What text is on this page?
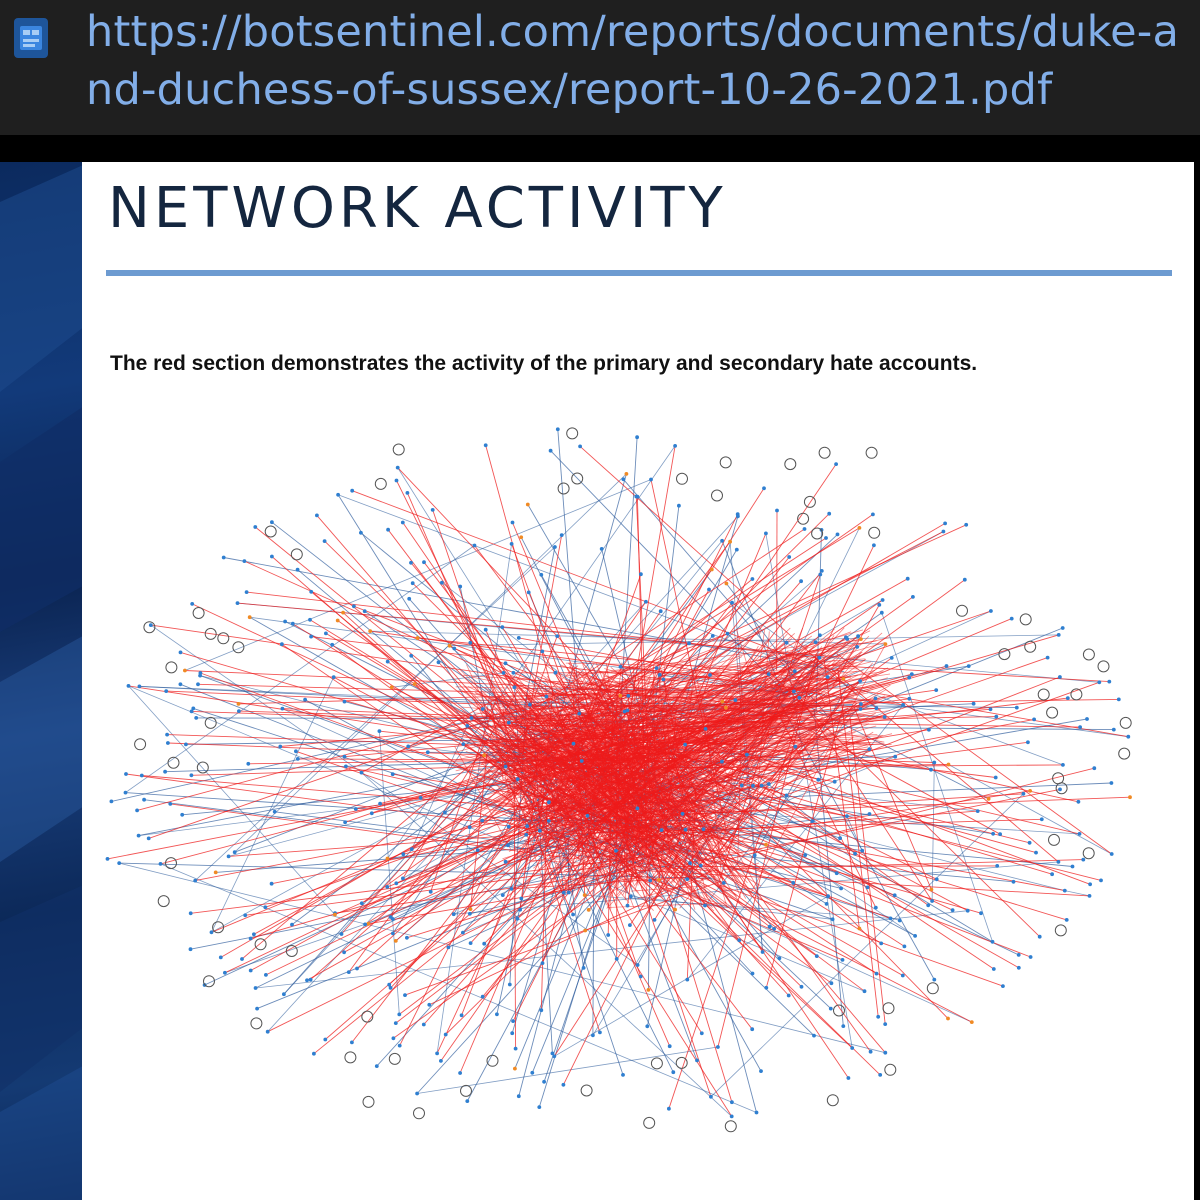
https://botsentinel.com/reports/documents/duke-and-duchess-of-sussex/report-10-26-2021.pdf
NETWORK ACTIVITY

The red section demonstrates the activity of the primary and secondary hate accounts.
